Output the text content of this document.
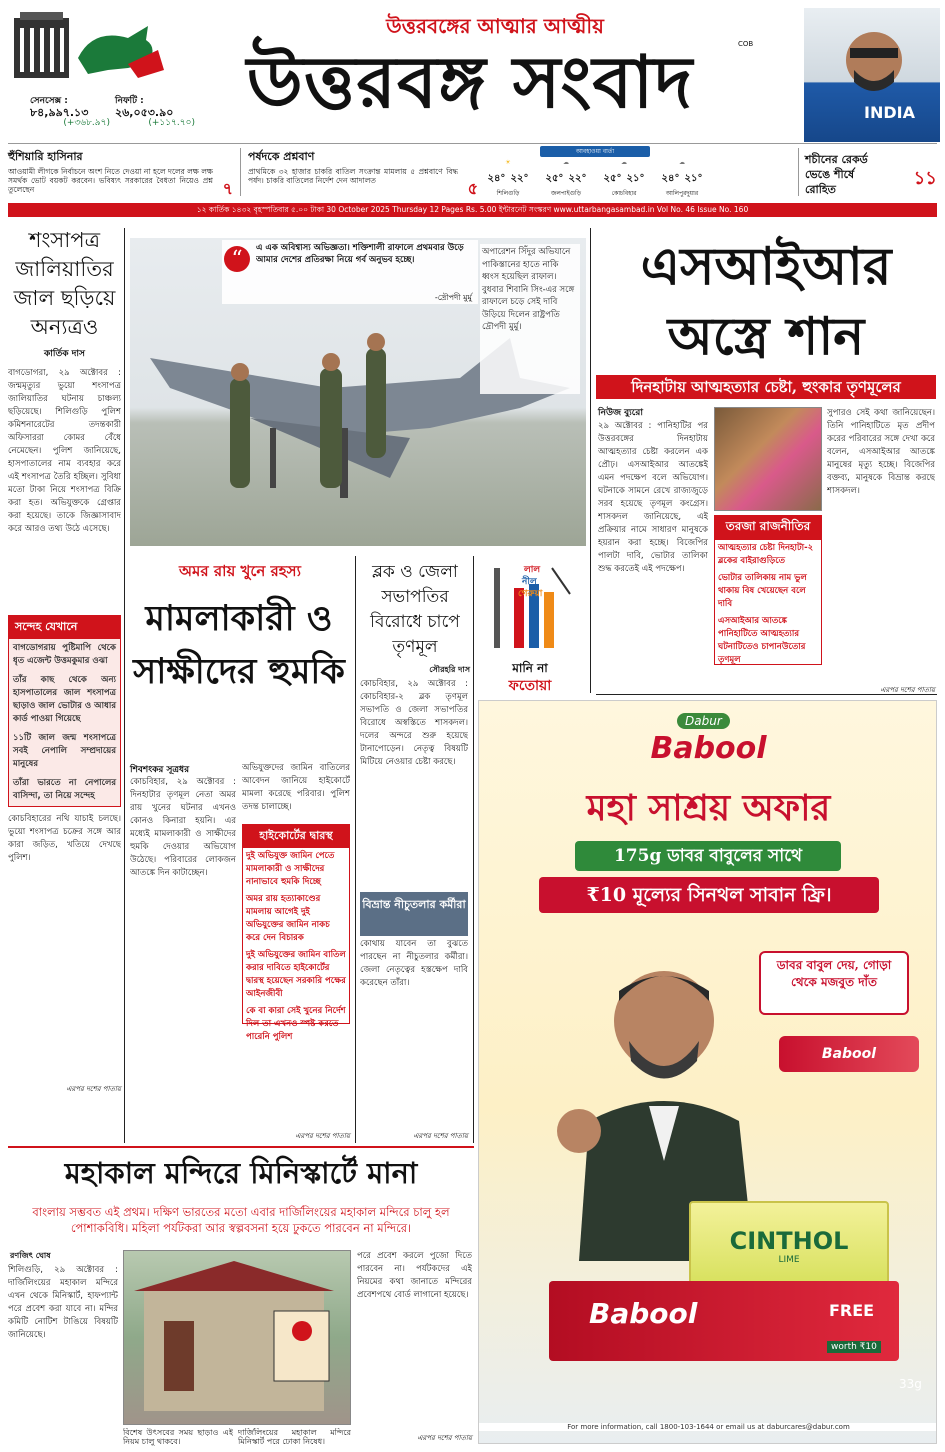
সেনসেক্স :
৮৪,৯৯৭.১৩
(+৩৬৮.৯৭)
নিফটি :
২৬,০৫৩.৯০
(+১১৭.৭০)
উত্তরবঙ্গের আত্মার আত্মীয়
উত্তরবঙ্গ সংবাদ	COB
INDIA
হুঁশিয়ারি হাসিনার
আওয়ামী লীগকে নির্বাচনে অংশ নিতে দেওয়া না হলে দলের লক্ষ লক্ষ সমর্থক ভোট বয়কট করবেন। ভবিষ্যৎ সরকারের বৈধতা নিয়েও প্রশ্ন তুলেছেন	৭
পর্ষদকে প্রশ্নবাণ
প্রাথমিকে ৩২ হাজার চাকরি বাতিল সংক্রান্ত মামলায় ৫ প্রশ্নবাণে বিদ্ধ পর্ষদ। চাকরি বাতিলের নির্দেশ দেন আদালত	৫
আবহাওয়া বার্তা
☀
২৪° ২২°
শিলিগুড়ি
☁
২৫° ২২°
জলপাইগুড়ি
☁
২৫° ২১°
কোচবিহার
☁
২৪° ২১°
আলিপুরদুয়ার
শচীনের রেকর্ড ভেঙে শীর্ষে রোহিত
১১
১২ কার্তিক ১৪৩২ বৃহস্পতিবার ৫.০০ টাকা 30 October 2025 Thursday 12 Pages Rs. 5.00 ইন্টারনেট সংস্করণ www.uttarbangasambad.in Vol No. 46 Issue No. 160
শংসাপত্র জালিয়াতির জাল ছড়িয়ে অন্যত্রও
কার্তিক দাস
বাগডোগরা, ২৯ অক্টোবর : জন্মমৃত্যুর ভুয়ো শংসাপত্র জালিয়াতির ঘটনায় চাঞ্চল্য ছড়িয়েছে। শিলিগুড়ি পুলিশ কমিশনারেটের তদন্তকারী অফিসাররা কোমর বেঁধে নেমেছেন। পুলিশ জানিয়েছে, হাসপাতালের নাম ব্যবহার করে এই শংসাপত্র তৈরি হচ্ছিল। সুবিধা মতো টাকা নিয়ে শংসাপত্র বিক্রি করা হত। অভিযুক্তকে গ্রেপ্তার করা হয়েছে। তাকে জিজ্ঞাসাবাদ করে আরও তথ্য উঠে এসেছে।
সন্দেহ যেখানে
বাগডোগরায় পুষ্টিমাপি থেকে ধৃত এজেন্ট উত্তমকুমার ওঝা
তাঁর কাছ থেকে অন্য হাসপাতালের জাল শংসাপত্র ছাড়াও জাল ভোটার ও আধার কার্ড পাওয়া গিয়েছে
১১টি জাল জন্ম শংসাপত্রে সবই নেপালি সম্প্রদায়ের মানুষের
তাঁরা ভারতে না নেপালের বাসিন্দা, তা নিয়ে সন্দেহ
কোচবিহারের নথি যাচাই চলছে। ভুয়ো শংসাপত্র চক্রের সঙ্গে আর কারা জড়িত, খতিয়ে দেখছে পুলিশ।
এরপর দশের পাতায়
“	এ এক অবিশ্বাস্য অভিজ্ঞতা। শক্তিশালী রাফালে প্রথমবার উড়ে আমার দেশের প্রতিরক্ষা নিয়ে গর্ব অনুভব হচ্ছে।
-দ্রৌপদী মুর্মু
অপারেশন সিঁদুর অভিযানে পাকিস্তানের হাতে নাকি ধ্বংস হয়েছিল রাফাল। বুধবার শিবানি সিং-এর সঙ্গে রাফালে চড়ে সেই দাবি উড়িয়ে দিলেন রাষ্ট্রপতি দ্রৌপদী মুর্মু।
এসআইআর অস্ত্রে শান
দিনহাটায় আত্মহত্যার চেষ্টা, হুংকার তৃণমূলের
নিউজ ব্যুরো
২৯ অক্টোবর : পানিহাটির পর উত্তরবঙ্গের দিনহাটায় আত্মহত্যার চেষ্টা করলেন এক প্রৌঢ়। এসআইআর আতঙ্কেই এমন পদক্ষেপ বলে অভিযোগ। ঘটনাকে সামনে রেখে রাজ্যজুড়ে সরব হয়েছে তৃণমূল কংগ্রেস। শাসকদল জানিয়েছে, এই প্রক্রিয়ার নামে সাধারণ মানুষকে হয়রান করা হচ্ছে। বিজেপির পালটা দাবি, ভোটার তালিকা শুদ্ধ করতেই এই পদক্ষেপ।
সুপারও সেই কথা জানিয়েছেন। তিনি পানিহাটিতে মৃত প্রদীপ করের পরিবারের সঙ্গে দেখা করে বলেন, এসআইআর আতঙ্কে মানুষের মৃত্যু হচ্ছে। বিজেপির বক্তব্য, মানুষকে বিভ্রান্ত করছে শাসকদল।
তরজা রাজনীতির
আত্মহত্যার চেষ্টা দিনহাটা-২ ব্লকের বাইরাগুড়িতে
ভোটার তালিকায় নাম ভুল থাকায় বিষ খেয়েছেন বলে দাবি
এসআইআর আতঙ্কে পানিহাটিতে আত্মহত্যার ঘটনাটিতেও চাপানউতোর তৃণমূল
এরপর দশের পাতায়
অমর রায় খুনে রহস্য
মামলাকারী ও সাক্ষীদের হুমকি
শিবশংকর সূত্রধর
কোচবিহার, ২৯ অক্টোবর : দিনহাটার তৃণমূল নেতা অমর রায় খুনের ঘটনার এখনও কোনও কিনারা হয়নি। এর মধ্যেই মামলাকারী ও সাক্ষীদের হুমকি দেওয়ার অভিযোগ উঠেছে। পরিবারের লোকজন আতঙ্কে দিন কাটাচ্ছেন।
অভিযুক্তদের জামিন বাতিলের আবেদন জানিয়ে হাইকোর্টে মামলা করেছে পরিবার। পুলিশ তদন্ত চালাচ্ছে।
হাইকোর্টের দ্বারস্থ
দুই অভিযুক্ত জামিন পেতে মামলাকারী ও সাক্ষীদের নানাভাবে হুমকি দিচ্ছে
অমর রায় হত্যাকাণ্ডের মামলায় আগেই দুই অভিযুক্তের জামিন নাকচ করে দেন বিচারক
দুই অভিযুক্তের জামিন বাতিল করার দাবিতে হাইকোর্টের দ্বারস্থ হয়েছেন সরকারি পক্ষের আইনজীবী
কে বা কারা সেই খুনের নির্দেশ দিল তা এখনও স্পষ্ট করতে পারেনি পুলিশ
এরপর দশের পাতায়
ব্লক ও জেলা সভাপতির বিরোধে চাপে তৃণমূল
সৌরহরি দাস
কোচবিহার, ২৯ অক্টোবর : কোচবিহার-২ ব্লক তৃণমূল সভাপতি ও জেলা সভাপতির বিরোধে অস্বস্তিতে শাসকদল। দলের অন্দরে শুরু হয়েছে টানাপোড়েন। নেতৃত্ব বিষয়টি মিটিয়ে নেওয়ার চেষ্টা করছে।
বিভ্রান্ত নীচুতলার কর্মীরা
কোথায় যাবেন তা বুঝতে পারছেন না নীচুতলার কর্মীরা। জেলা নেতৃত্বের হস্তক্ষেপ দাবি করেছেন তাঁরা।
এরপর দশের পাতায়
লাল
নীল
গেরুয়া
মানি না
ফতোয়া
Dabur
Babool
মহা সাশ্রয় অফার
175g ডাবর বাবুলের সাথে
₹10 মূল্যের সিনথল সাবান ফ্রি।
ডাবর বাবুল দেয়, গোড়া থেকে মজবুত দাঁত
Babool
CINTHOL
LIME
Babool	FREE
worth ₹10
33g
For more information, call 1800-103-1644 or email us at daburcares@dabur.com
মহাকাল মন্দিরে মিনিস্কার্টে মানা
বাংলায় সম্ভবত এই প্রথম। দক্ষিণ ভারতের মতো এবার দার্জিলিংয়ের মহাকাল মন্দিরে চালু হল পোশাকবিধি। মহিলা পর্যটকরা আর স্বল্পবসনা হয়ে ঢুকতে পারবেন না মন্দিরে।
রণজিৎ ঘোষ
শিলিগুড়ি, ২৯ অক্টোবর : দার্জিলিংয়ের মহাকাল মন্দিরে এখন থেকে মিনিস্কার্ট, হাফপ্যান্ট পরে প্রবেশ করা যাবে না। মন্দির কমিটি নোটিশ টাঙিয়ে বিষয়টি জানিয়েছে।
বিশেষ উৎসবের সময় ছাড়াও এই নিয়ম চালু থাকবে।
দার্জিলিংয়ের মহাকাল মন্দিরে মিনিস্কার্ট পরে ঢোকা নিষেধ।
পরে প্রবেশ করলে পুজো দিতে পারবেন না। পর্যটকদের এই নিয়মের কথা জানাতে মন্দিরের প্রবেশপথে বোর্ড লাগানো হয়েছে।
এরপর দশের পাতায়
